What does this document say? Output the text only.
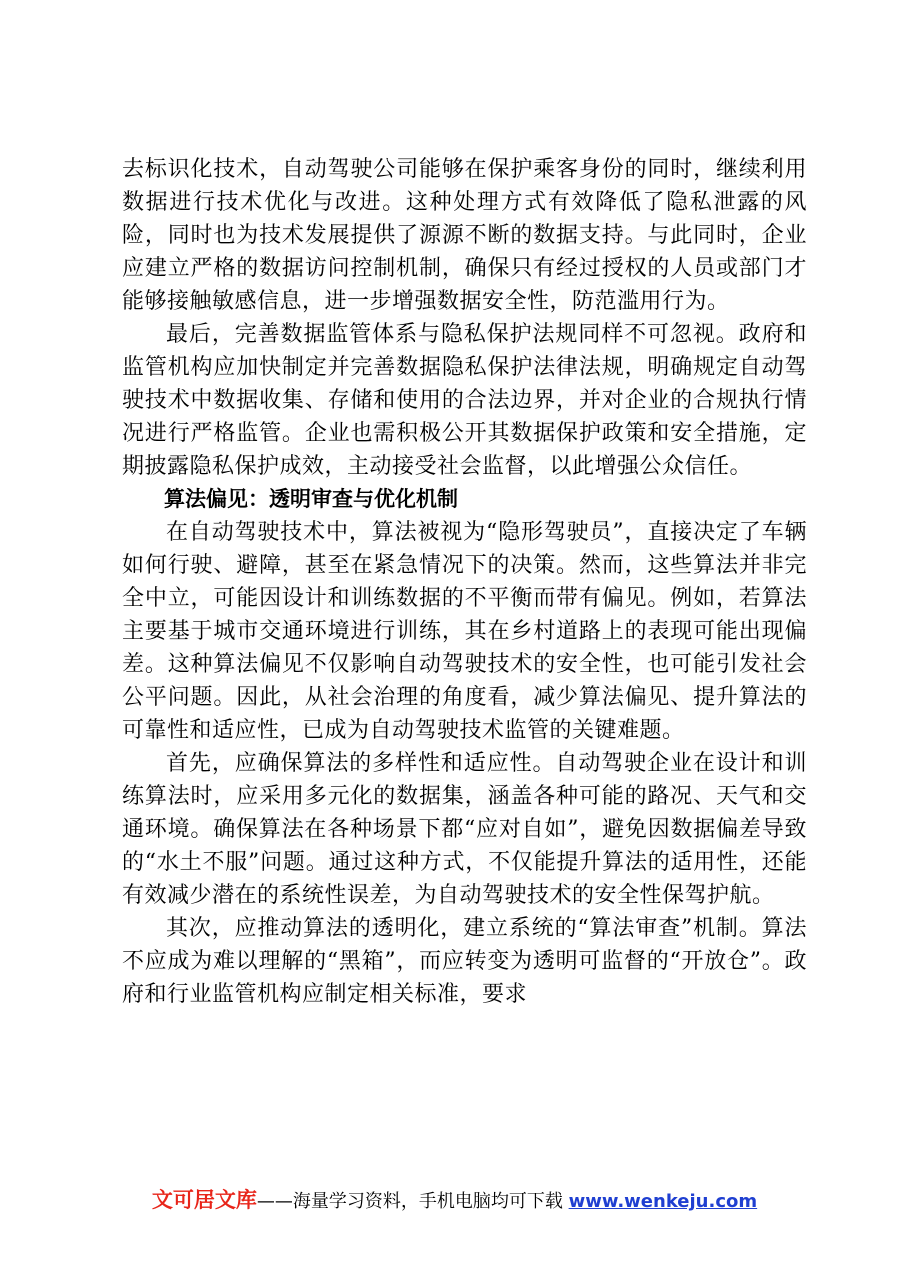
去标识化技术，自动驾驶公司能够在保护乘客身份的同时，继续利用数据进行技术优化与改进。这种处理方式有效降低了隐私泄露的风险，同时也为技术发展提供了源源不断的数据支持。与此同时，企业应建立严格的数据访问控制机制，确保只有经过授权的人员或部门才能够接触敏感信息，进一步增强数据安全性，防范滥用行为。

最后，完善数据监管体系与隐私保护法规同样不可忽视。政府和监管机构应加快制定并完善数据隐私保护法律法规，明确规定自动驾驶技术中数据收集、存储和使用的合法边界，并对企业的合规执行情况进行严格监管。企业也需积极公开其数据保护政策和安全措施，定期披露隐私保护成效，主动接受社会监督，以此增强公众信任。

算法偏见：透明审查与优化机制

在自动驾驶技术中，算法被视为“隐形驾驶员”，直接决定了车辆如何行驶、避障，甚至在紧急情况下的决策。然而，这些算法并非完全中立，可能因设计和训练数据的不平衡而带有偏见。例如，若算法主要基于城市交通环境进行训练，其在乡村道路上的表现可能出现偏差。这种算法偏见不仅影响自动驾驶技术的安全性，也可能引发社会公平问题。因此，从社会治理的角度看，减少算法偏见、提升算法的可靠性和适应性，已成为自动驾驶技术监管的关键难题。

首先，应确保算法的多样性和适应性。自动驾驶企业在设计和训练算法时，应采用多元化的数据集，涵盖各种可能的路况、天气和交通环境。确保算法在各种场景下都“应对自如”，避免因数据偏差导致的“水土不服”问题。通过这种方式，不仅能提升算法的适用性，还能有效减少潜在的系统性误差，为自动驾驶技术的安全性保驾护航。

其次，应推动算法的透明化，建立系统的“算法审查”机制。算法不应成为难以理解的“黑箱”，而应转变为透明可监督的“开放仓”。政府和行业监管机构应制定相关标准，要求

文可居文库——海量学习资料，手机电脑均可下载 www.wenkeju.com
